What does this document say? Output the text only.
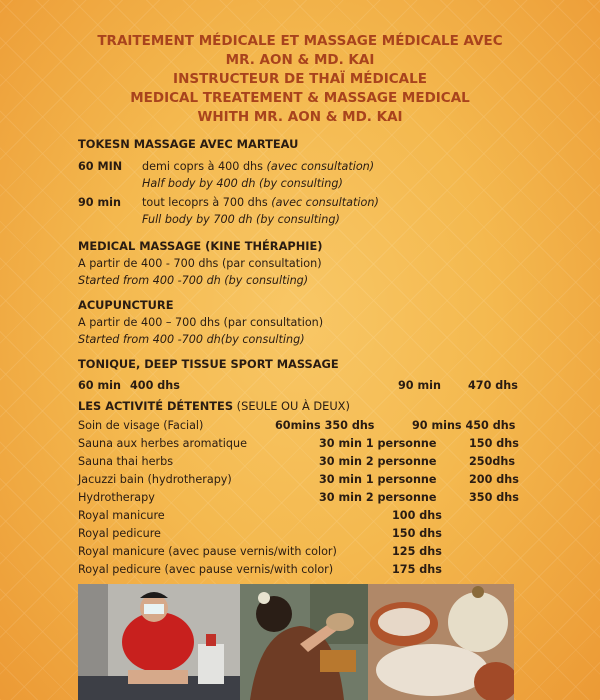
TRAITEMENT MÉDICALE ET MASSAGE MÉDICALE AVEC
MR. AON & MD. KAI
INSTRUCTEUR DE THAÏ MÉDICALE
MEDICAL TREATEMENT & MASSAGE MEDICAL
WHITH MR. AON & MD. KAI
TOKESN MASSAGE AVEC MARTEAU
60 MIN demi coprs à 400 dhs (avec consultation)
Half body by 400 dh (by consulting)
90 min tout lecoprs à 700 dhs (avec consultation)
Full body by 700 dh (by consulting)
MEDICAL MASSAGE (KINE THÉRAPHIE)
A partir de 400 - 700 dhs (par consultation)
Started from 400 -700 dh (by consulting)
ACUPUNCTURE
A partir de 400 – 700 dhs (par consultation)
Started from 400 -700 dh(by consulting)
TONIQUE, DEEP TISSUE SPORT MASSAGE
60 min 400 dhs	90 min 470 dhs
LES ACTIVITÉ DÉTENTES (SEULE OU À DEUX)
Soin de visage (Facial)	60mins 350 dhs	90 mins 450 dhs
Sauna aux herbes aromatique	30 min 1 personne	150 dhs
Sauna thai herbs	30 min 2 personne	250dhs
Jacuzzi bain (hydrotherapy)	30 min 1 personne	200 dhs
Hydrotherapy	30 min 2 personne	350 dhs
Royal manicure	100 dhs
Royal pedicure	150 dhs
Royal manicure (avec pause vernis/with color)	125 dhs
Royal pedicure (avec pause vernis/with color)	175 dhs
